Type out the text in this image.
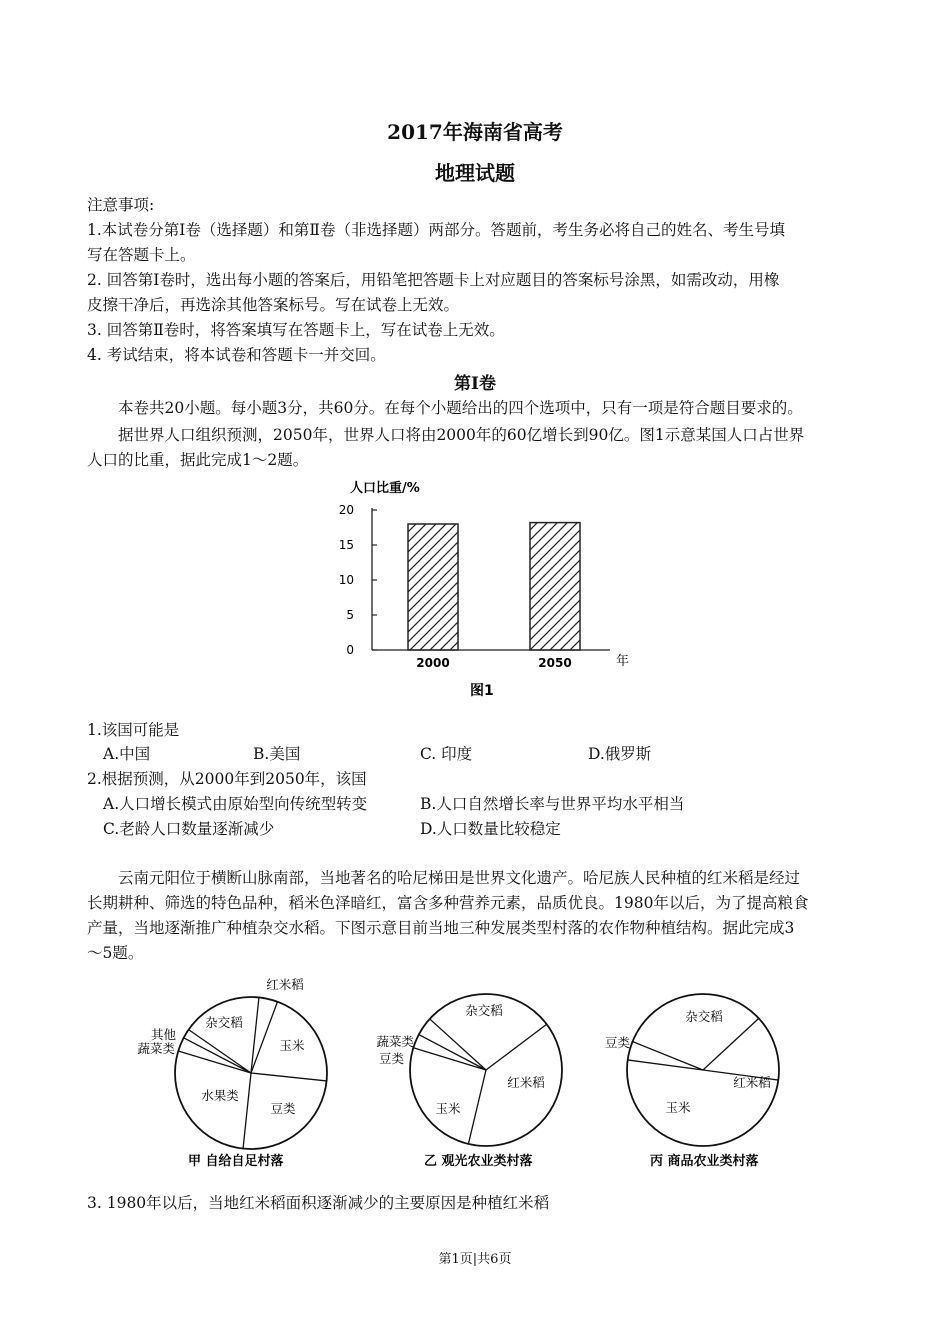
2017年海南省高考
地理试题
注意事项:
1.本试卷分第Ⅰ卷（选择题）和第Ⅱ卷（非选择题）两部分。答题前，考生务必将自己的姓名、考生号填
写在答题卡上。
2. 回答第Ⅰ卷时，选出每小题的答案后，用铅笔把答题卡上对应题目的答案标号涂黑，如需改动，用橡
皮擦干净后，再选涂其他答案标号。写在试卷上无效。
3. 回答第Ⅱ卷时，将答案填写在答题卡上，写在试卷上无效。
4. 考试结束，将本试卷和答题卡一并交回。
第Ⅰ卷
本卷共20小题。每小题3分，共60分。在每个小题给出的四个选项中，只有一项是符合题目要求的。
据世界人口组织预测，2050年，世界人口将由2000年的60亿增长到90亿。图1示意某国人口占世界
人口的比重，据此完成1～2题。
人口比重/%
0
5
10
15
20
2000	2050	年
图1
1.该国可能是
A.中国	B.美国	C. 印度	D.俄罗斯
2.根据预测，从2000年到2050年，该国
A.人口增长模式由原始型向传统型转变	B.人口自然增长率与世界平均水平相当
C.老龄人口数量逐渐减少	D.人口数量比较稳定
云南元阳位于横断山脉南部，当地著名的哈尼梯田是世界文化遗产。哈尼族人民种植的红米稻是经过
长期耕种、筛选的特色品种，稻米色泽暗红，富含多种营养元素，品质优良。1980年以后，为了提高粮食
产量，当地逐渐推广种植杂交水稻。下图示意目前当地三种发展类型村落的农作物种植结构。据此完成3
～5题。
红米稻
玉米
豆类
水果类
蔬菜类
其他
杂交稻
红米稻
玉米
豆类
蔬菜类
杂交稻	杂交稻
红米稻
玉米
豆类
甲 自给自足村落	乙 观光农业类村落	丙 商品农业类村落
3. 1980年以后，当地红米稻面积逐渐减少的主要原因是种植红米稻
第1页|共6页
